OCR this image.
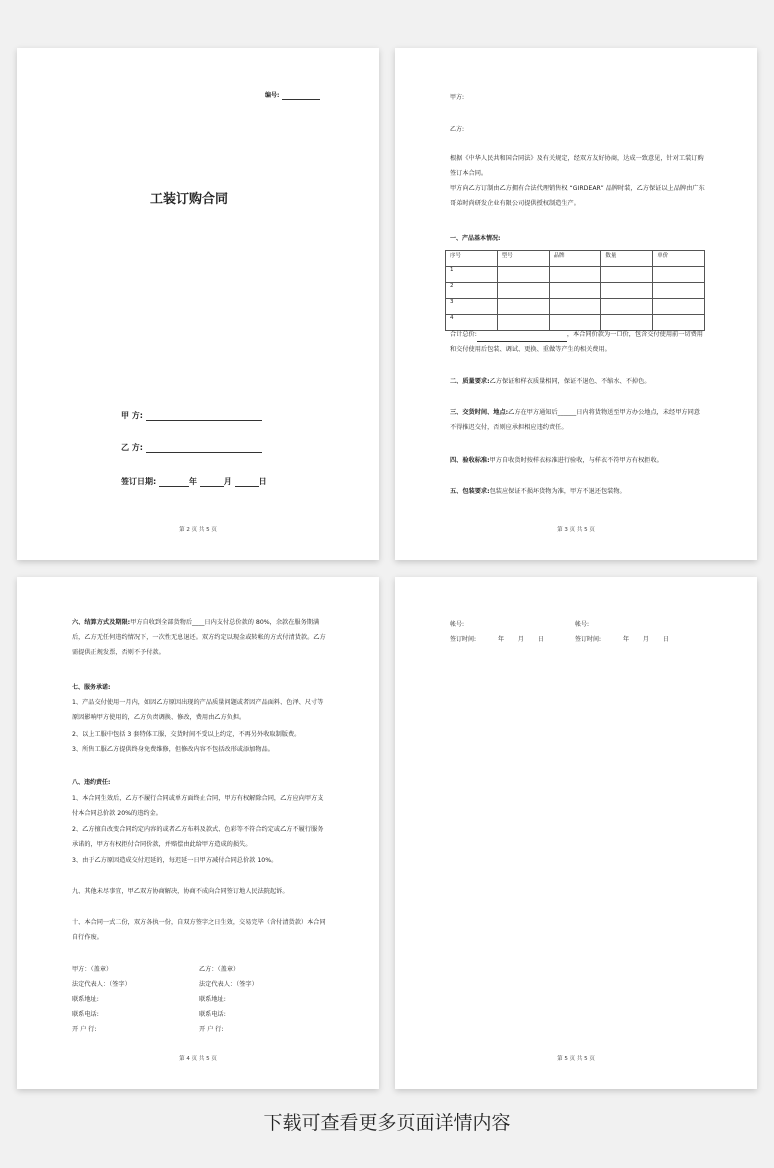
编号:
工装订购合同
甲 方:
乙 方:
签订日期:	年	月	日
第 2 页 共 5 页
甲方:
乙方:
根据《中华人民共和国合同法》及有关规定，经双方友好协商，达成一致意见，针对工装订购签订本合同。
甲方向乙方订制由乙方拥有合法代理销售权 “GIRDEAR” 品牌时装，乙方保证以上品牌由广东哥弟时尚研发企业有限公司提供授权制造生产。
一、产品基本情况:
序号	型号	品牌	数量	单价
1				
2				
3				
4				
合计总价:	，本合同价款为一口价，包含交付使用前一切费用和交付使用后包装、调试、更换、重做等产生的相关费用。
二、质量要求:乙方保证和样衣质量相同，保证不退色、不缩水、不掉色。
三、交货时间、地点:乙方在甲方通知后______日内将货物送至甲方办公地点，未经甲方同意不得推迟交付，否则应承担相应违约责任。
四、验收标准:甲方自收货时按样衣标准进行验收，与样衣不符甲方有权拒收。
五、包装要求:包装应保证不损坏货物为准，甲方不退还包装物。
第 3 页 共 5 页
六、结算方式及期限:甲方自收到全部货物后____日内支付总价款的 80%，余款在服务期满后，乙方无任何违约情况下，一次性无息退还。双方约定以现金或转帐的方式付清货款。乙方需提供正规发票，否则不予付款。
七、服务承诺:
1、产品交付使用一月内，如因乙方原因出现的产品质量问题或者因产品面料、色泽、尺寸等原因影响甲方使用的，乙方负责调换、修改，费用由乙方负担。
2、以上工服中包括 3 套特体工服，交货时间不受以上约定，不再另外收取制版费。
3、所售工服乙方提供终身免费维修，但修改内容不包括改形或添加物品。
八、违约责任:
1、本合同生效后，乙方不履行合同或单方面终止合同，甲方有权解除合同，乙方应向甲方支付本合同总价款 20%的违约金。
2、乙方擅自改变合同约定内容的或者乙方布料及款式、色彩等不符合约定或乙方不履行服务承诺的，甲方有权拒付合同价款，并赔偿由此给甲方造成的损失。
3、由于乙方原因造成交付迟延的，每迟延一日甲方减付合同总价款 10%。
九、其他未尽事宜，甲乙双方协商解决，协商不成向合同签订地人民法院起诉。
十、本合同一式二份，双方各执一份，自双方签字之日生效，交易完毕（含付清货款）本合同自行作废。
甲方：（盖章）
法定代表人：（签字）
联系地址:
联系电话:
开 户 行:
乙方：（盖章）
法定代表人：（签字）
联系地址:
联系电话:
开 户 行:
第 4 页 共 5 页
帐号:
签订时间:	年 月 日
帐号:
签订时间:	年 月 日
第 5 页 共 5 页
下载可查看更多页面详情内容
